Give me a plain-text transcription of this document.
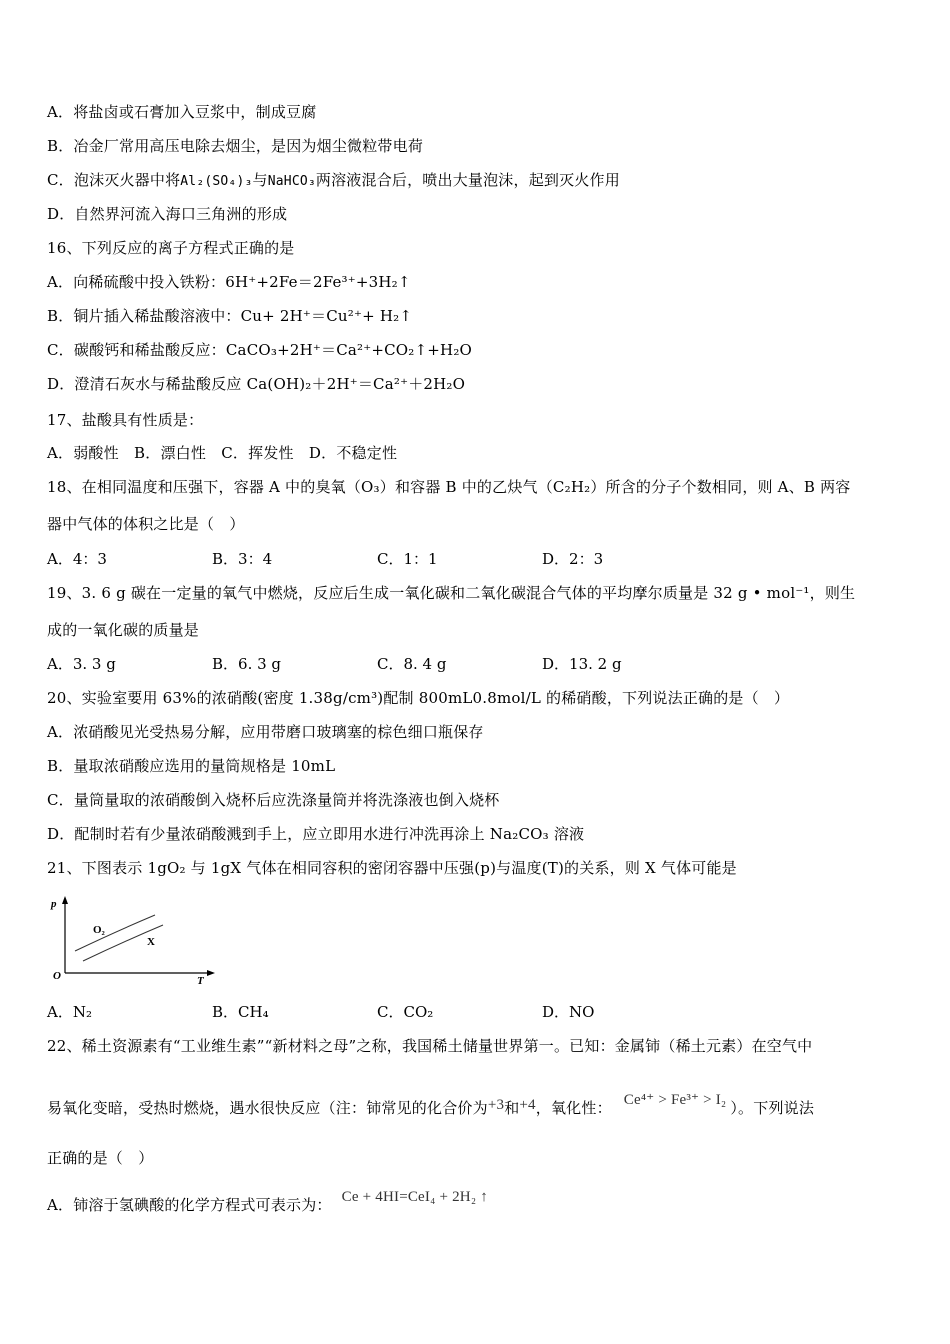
A．将盐卤或石膏加入豆浆中，制成豆腐
B．冶金厂常用高压电除去烟尘，是因为烟尘微粒带电荷
C．泡沫灭火器中将Al₂(SO₄)₃与NaHCO₃两溶液混合后，喷出大量泡沫，起到灭火作用
D．自然界河流入海口三角洲的形成
16、下列反应的离子方程式正确的是
A．向稀硫酸中投入铁粉：6H⁺+2Fe＝2Fe³⁺+3H₂↑
B．铜片插入稀盐酸溶液中：Cu+ 2H⁺＝Cu²⁺+ H₂↑
C．碳酸钙和稀盐酸反应：CaCO₃+2H⁺＝Ca²⁺+CO₂↑+H₂O
D．澄清石灰水与稀盐酸反应 Ca(OH)₂＋2H⁺＝Ca²⁺＋2H₂O
17、盐酸具有性质是：
A．弱酸性　B．漂白性　C．挥发性　D．不稳定性
18、在相同温度和压强下，容器 A 中的臭氧（O₃）和容器 B 中的乙炔气（C₂H₂）所含的分子个数相同，则 A、B 两容
器中气体的体积之比是（　）
A．4：3	B．3：4	C．1：1	D．2：3
19、3. 6 g 碳在一定量的氧气中燃烧，反应后生成一氧化碳和二氧化碳混合气体的平均摩尔质量是 32 g • mol⁻¹，则生
成的一氧化碳的质量是
A．3. 3 g	B．6. 3 g	C．8. 4 g	D．13. 2 g
20、实验室要用 63%的浓硝酸(密度 1.38g/cm³)配制 800mL0.8mol/L 的稀硝酸，下列说法正确的是（　）
A．浓硝酸见光受热易分解，应用带磨口玻璃塞的棕色细口瓶保存
B．量取浓硝酸应选用的量筒规格是 10mL
C．量筒量取的浓硝酸倒入烧杯后应洗涤量筒并将洗涤液也倒入烧杯
D．配制时若有少量浓硝酸溅到手上，应立即用水进行冲洗再涂上 Na₂CO₃ 溶液
21、下图表示 1gO₂ 与 1gX 气体在相同容积的密闭容器中压强(p)与温度(T)的关系，则 X 气体可能是
p
T
O
O₂
X
A．N₂	B．CH₄	C．CO₂	D．NO
22、稀土资源素有“工业维生素”“新材料之母”之称，我国稀土储量世界第一。已知：金属铈（稀土元素）在空气中
易氧化变暗，受热时燃烧，遇水很快反应（注：铈常见的化合价为+3和+4，氧化性： Ce⁴⁺ > Fe³⁺ > I₂ ）。下列说法
正确的是（　）
A．铈溶于氢碘酸的化学方程式可表示为： Ce + 4HI=CeI₄ + 2H₂ ↑
